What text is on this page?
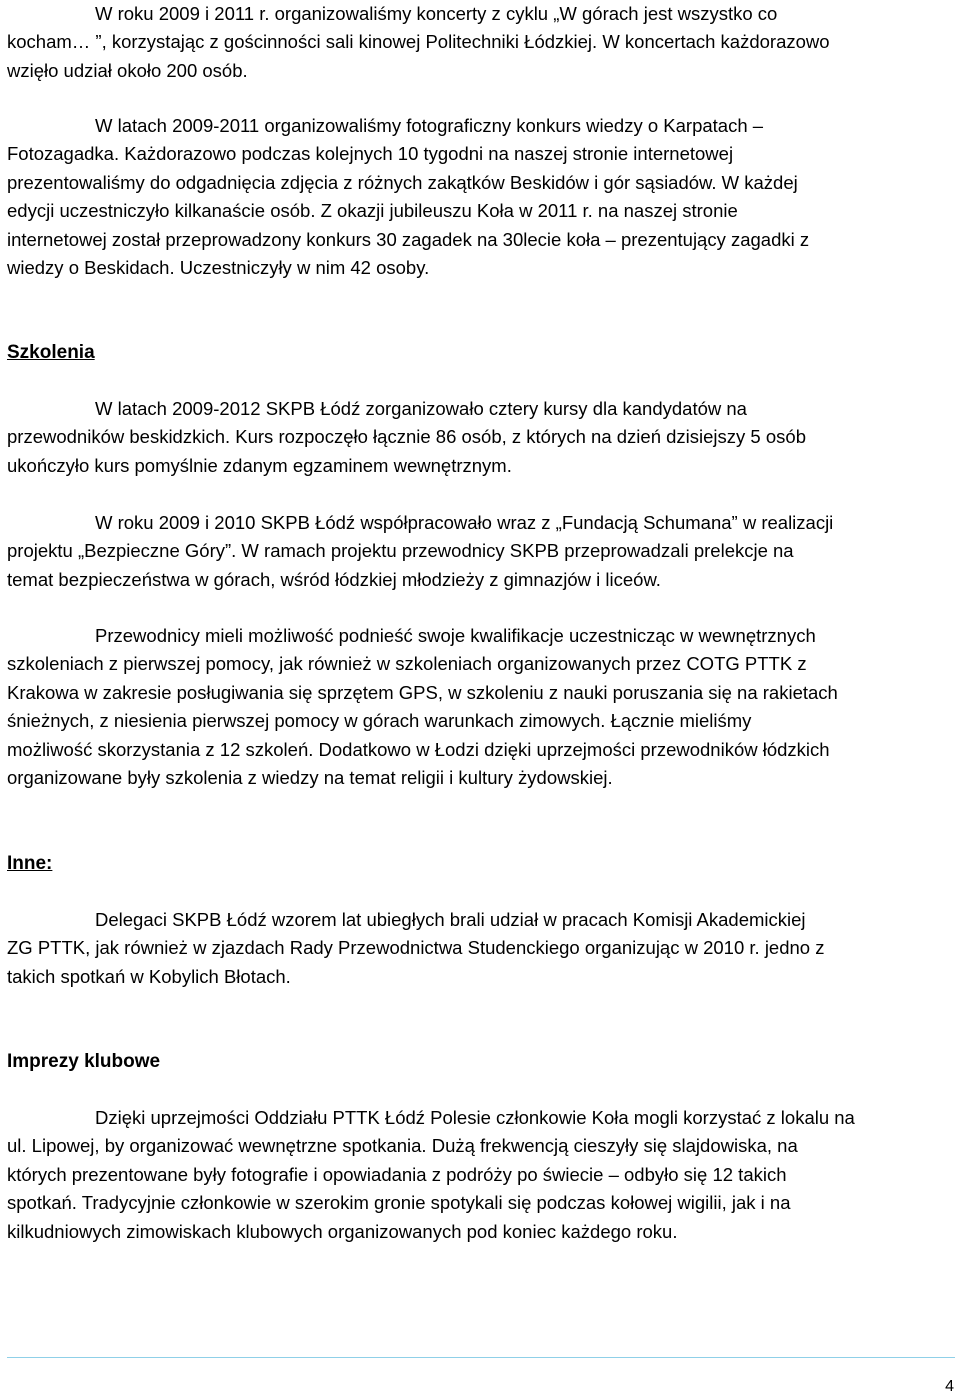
W roku 2009 i 2011 r. organizowaliśmy koncerty z cyklu „W górach jest wszystko co
kocham… ”, korzystając z gościnności sali kinowej Politechniki Łódzkiej. W koncertach każdorazowo
wzięło udział około 200 osób.
W latach 2009-2011 organizowaliśmy fotograficzny konkurs wiedzy o Karpatach –
Fotozagadka. Każdorazowo podczas kolejnych 10 tygodni na naszej stronie internetowej
prezentowaliśmy do odgadnięcia zdjęcia z różnych zakątków Beskidów i gór sąsiadów. W każdej
edycji uczestniczyło kilkanaście osób. Z okazji jubileuszu Koła w 2011 r. na naszej stronie
internetowej został przeprowadzony konkurs 30 zagadek na 30lecie koła – prezentujący zagadki z
wiedzy o Beskidach. Uczestniczyły w nim 42 osoby.
Szkolenia
W latach 2009-2012 SKPB Łódź zorganizowało cztery kursy dla kandydatów na
przewodników beskidzkich. Kurs rozpoczęło łącznie 86 osób, z których na dzień dzisiejszy 5 osób
ukończyło kurs pomyślnie zdanym egzaminem wewnętrznym.
W roku 2009 i 2010 SKPB Łódź współpracowało wraz z „Fundacją Schumana” w realizacji
projektu „Bezpieczne Góry”. W ramach projektu przewodnicy SKPB przeprowadzali prelekcje na
temat bezpieczeństwa w górach, wśród łódzkiej młodzieży z gimnazjów i liceów.
Przewodnicy mieli możliwość podnieść swoje kwalifikacje uczestnicząc w wewnętrznych
szkoleniach z pierwszej pomocy, jak również w szkoleniach organizowanych przez COTG PTTK z
Krakowa w zakresie posługiwania się sprzętem GPS, w szkoleniu z nauki poruszania się na rakietach
śnieżnych, z niesienia pierwszej pomocy w górach warunkach zimowych. Łącznie mieliśmy
możliwość skorzystania z 12 szkoleń. Dodatkowo w Łodzi dzięki uprzejmości przewodników łódzkich
organizowane były szkolenia z wiedzy na temat religii i kultury żydowskiej.
Inne:
Delegaci SKPB Łódź wzorem lat ubiegłych brali udział w pracach Komisji Akademickiej
ZG PTTK, jak również w zjazdach Rady Przewodnictwa Studenckiego organizując w 2010 r. jedno z
takich spotkań w Kobylich Błotach.
Imprezy klubowe
Dzięki uprzejmości Oddziału PTTK Łódź Polesie członkowie Koła mogli korzystać z lokalu na
ul. Lipowej, by organizować wewnętrzne spotkania. Dużą frekwencją cieszyły się slajdowiska, na
których prezentowane były fotografie i opowiadania z podróży po świecie – odbyło się 12 takich
spotkań. Tradycyjnie członkowie w szerokim gronie spotykali się podczas kołowej wigilii, jak i na
kilkudniowych zimowiskach klubowych organizowanych pod koniec każdego roku.
4
